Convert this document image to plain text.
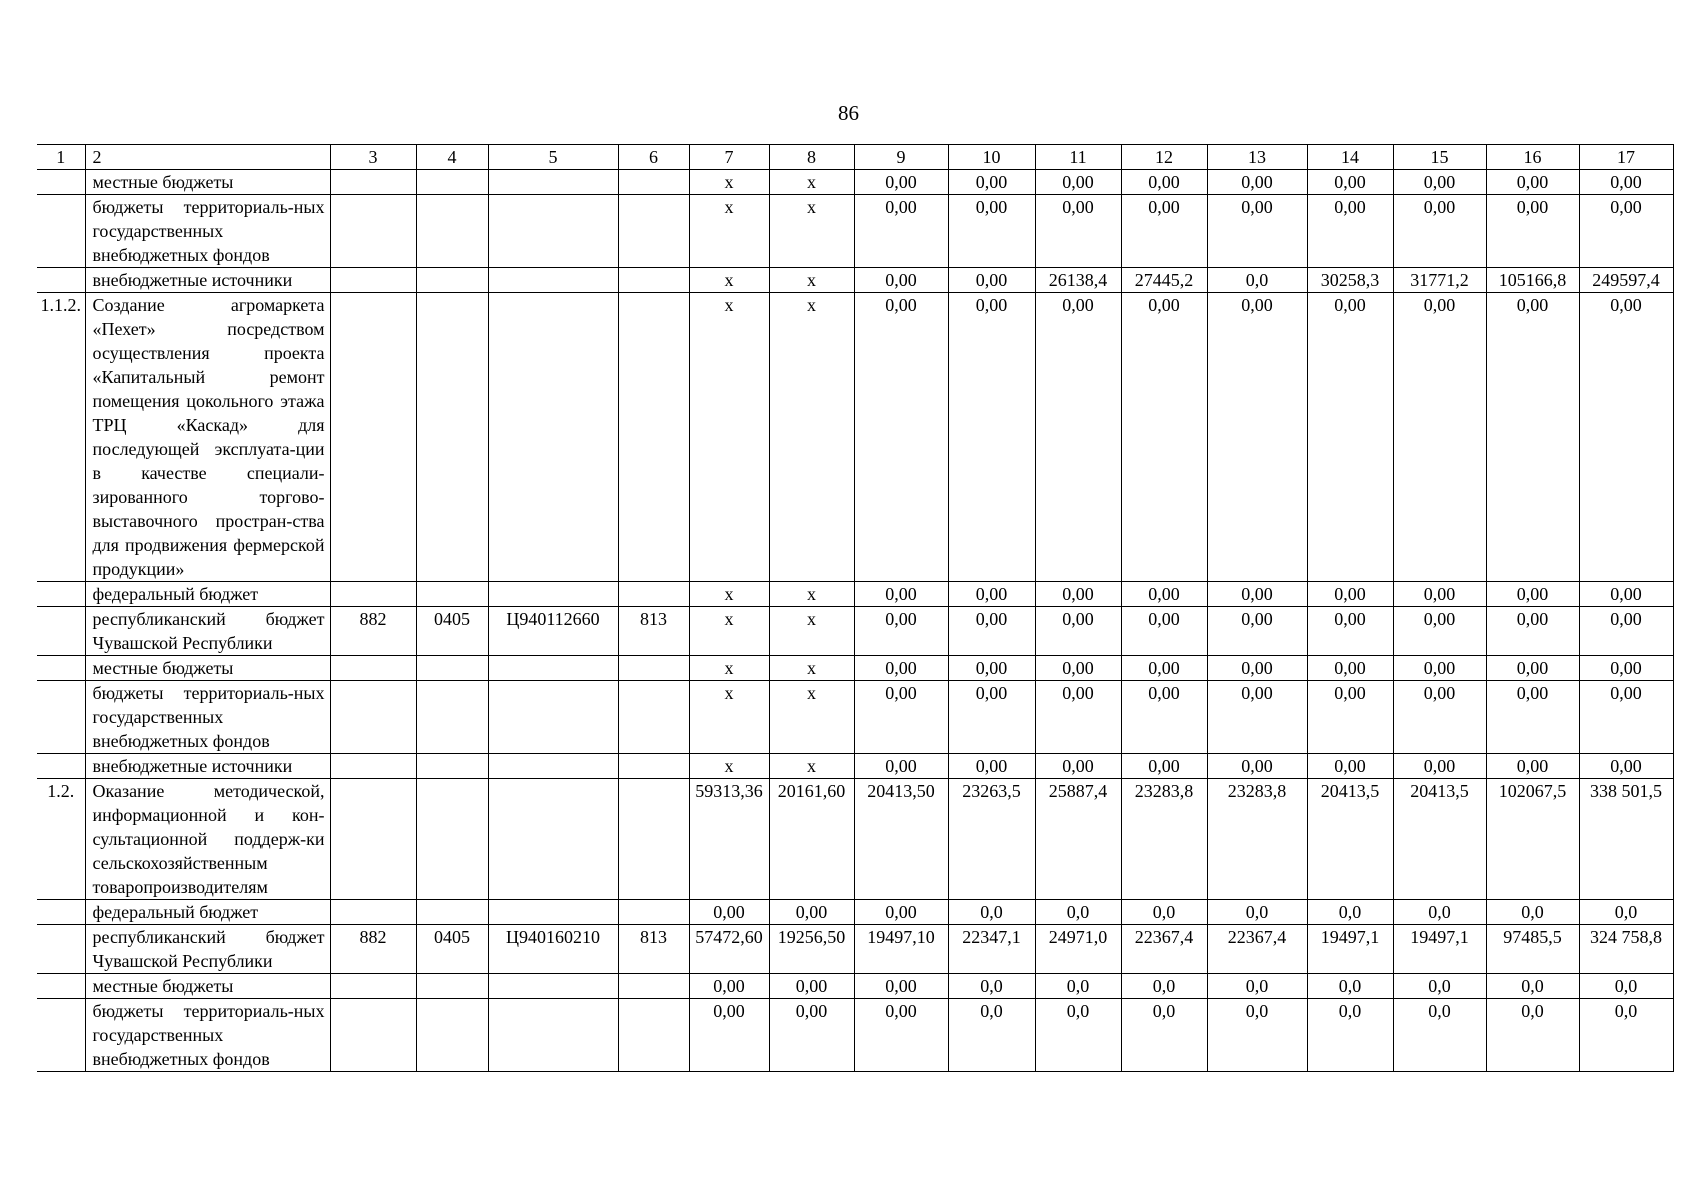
86
1	2	3	4	5	6	7	8	9	10	11	12	13	14	15	16	17
	местные бюджеты					x	x	0,00	0,00	0,00	0,00	0,00	0,00	0,00	0,00	0,00
	бюджеты территориаль-ных государственных внебюджетных фондов					x	x	0,00	0,00	0,00	0,00	0,00	0,00	0,00	0,00	0,00
	внебюджетные источники					x	x	0,00	0,00	26138,4	27445,2	0,0	30258,3	31771,2	105166,8	249597,4
1.1.2.	Создание агромаркета «Пехет» посредством осуществления проекта «Капитальный ремонт помещения цокольного этажа ТРЦ «Каскад» для последующей эксплуата-ции в качестве специали-зированного торгово-выставочного простран-ства для продвижения фермерской продукции»					x	x	0,00	0,00	0,00	0,00	0,00	0,00	0,00	0,00	0,00
	федеральный бюджет					x	x	0,00	0,00	0,00	0,00	0,00	0,00	0,00	0,00	0,00
	республиканский бюджет Чувашской Республики	882	0405	Ц940112660	813	x	x	0,00	0,00	0,00	0,00	0,00	0,00	0,00	0,00	0,00
	местные бюджеты					x	x	0,00	0,00	0,00	0,00	0,00	0,00	0,00	0,00	0,00
	бюджеты территориаль-ных государственных внебюджетных фондов					x	x	0,00	0,00	0,00	0,00	0,00	0,00	0,00	0,00	0,00
	внебюджетные источники					x	x	0,00	0,00	0,00	0,00	0,00	0,00	0,00	0,00	0,00
1.2.	Оказание методической, информационной и кон-сультационной поддерж-ки сельскохозяйственным товаропроизводителям					59313,36	20161,60	20413,50	23263,5	25887,4	23283,8	23283,8	20413,5	20413,5	102067,5	338 501,5
	федеральный бюджет					0,00	0,00	0,00	0,0	0,0	0,0	0,0	0,0	0,0	0,0	0,0
	республиканский бюджет Чувашской Республики	882	0405	Ц940160210	813	57472,60	19256,50	19497,10	22347,1	24971,0	22367,4	22367,4	19497,1	19497,1	97485,5	324 758,8
	местные бюджеты					0,00	0,00	0,00	0,0	0,0	0,0	0,0	0,0	0,0	0,0	0,0
	бюджеты территориаль-ных государственных внебюджетных фондов					0,00	0,00	0,00	0,0	0,0	0,0	0,0	0,0	0,0	0,0	0,0
